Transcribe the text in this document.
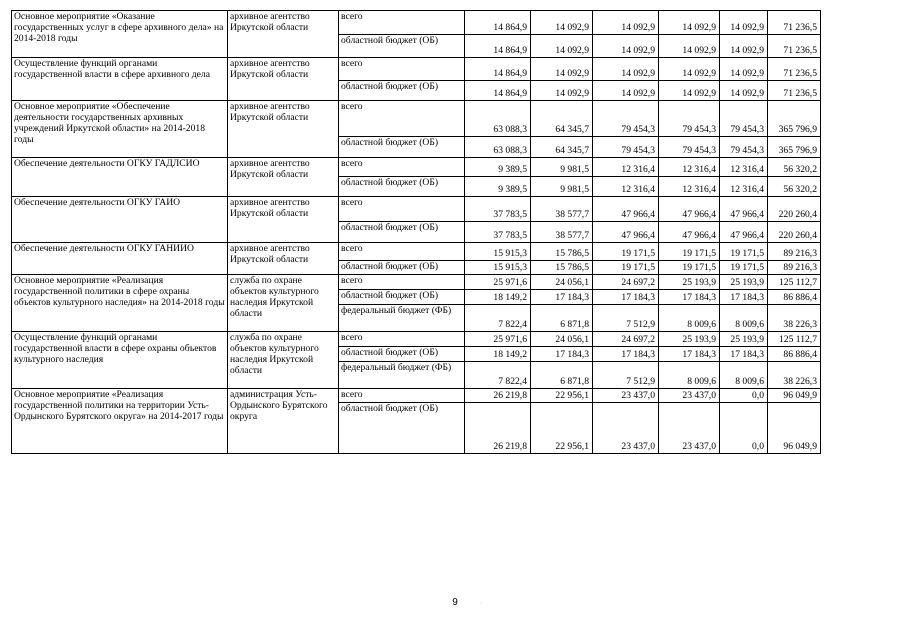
Основное мероприятие «Оказание государственных услуг в сфере архивного дела» на 2014-2018 годы	архивное агентство Иркутской области	всего	14 864,9	14 092,9	14 092,9	14 092,9	14 092,9	71 236,5
		областной бюджет (ОБ)	14 864,9	14 092,9	14 092,9	14 092,9	14 092,9	71 236,5
Осуществление функций органами государственной власти в сфере архивного дела	архивное агентство Иркутской области	всего	14 864,9	14 092,9	14 092,9	14 092,9	14 092,9	71 236,5
		областной бюджет (ОБ)	14 864,9	14 092,9	14 092,9	14 092,9	14 092,9	71 236,5
Основное мероприятие «Обеспечение деятельности государственных архивных учреждений Иркутской области» на 2014-2018 годы	архивное агентство Иркутской области	всего	63 088,3	64 345,7	79 454,3	79 454,3	79 454,3	365 796,9
		областной бюджет (ОБ)	63 088,3	64 345,7	79 454,3	79 454,3	79 454,3	365 796,9
Обеспечение деятельности ОГКУ ГАДЛСИО	архивное агентство Иркутской области	всего	9 389,5	9 981,5	12 316,4	12 316,4	12 316,4	56 320,2
		областной бюджет (ОБ)	9 389,5	9 981,5	12 316,4	12 316,4	12 316,4	56 320,2
Обеспечение деятельности ОГКУ ГАИО	архивное агентство Иркутской области	всего	37 783,5	38 577,7	47 966,4	47 966,4	47 966,4	220 260,4
		областной бюджет (ОБ)	37 783,5	38 577,7	47 966,4	47 966,4	47 966,4	220 260,4
Обеспечение деятельности ОГКУ ГАНИИО	архивное агентство Иркутской области	всего	15 915,3	15 786,5	19 171,5	19 171,5	19 171,5	89 216,3
		областной бюджет (ОБ)	15 915,3	15 786,5	19 171,5	19 171,5	19 171,5	89 216,3
Основное мероприятие «Реализация государственной политики в сфере охраны объектов культурного наследия» на 2014-2018 годы	служба по охране объектов культурного наследия Иркутской области	всего	25 971,6	24 056,1	24 697,2	25 193,9	25 193,9	125 112,7
		областной бюджет (ОБ)	18 149,2	17 184,3	17 184,3	17 184,3	17 184,3	86 886,4
		федеральный бюджет (ФБ)	7 822,4	6 871,8	7 512,9	8 009,6	8 009,6	38 226,3
Осуществление функций органами государственной власти в сфере охраны объектов культурного наследия	служба по охране объектов культурного наследия Иркутской области	всего	25 971,6	24 056,1	24 697,2	25 193,9	25 193,9	125 112,7
		областной бюджет (ОБ)	18 149,2	17 184,3	17 184,3	17 184,3	17 184,3	86 886,4
		федеральный бюджет (ФБ)	7 822,4	6 871,8	7 512,9	8 009,6	8 009,6	38 226,3
Основное мероприятие «Реализация государственной политики на территории Усть-Ордынского Бурятского округа» на 2014-2017 годы	администрация Усть-Ордынского Бурятского округа	всего	26 219,8	22 956,1	23 437,0	23 437,0	0,0	96 049,9
		областной бюджет (ОБ)	26 219,8	22 956,1	23 437,0	23 437,0	0,0	96 049,9
9	·
